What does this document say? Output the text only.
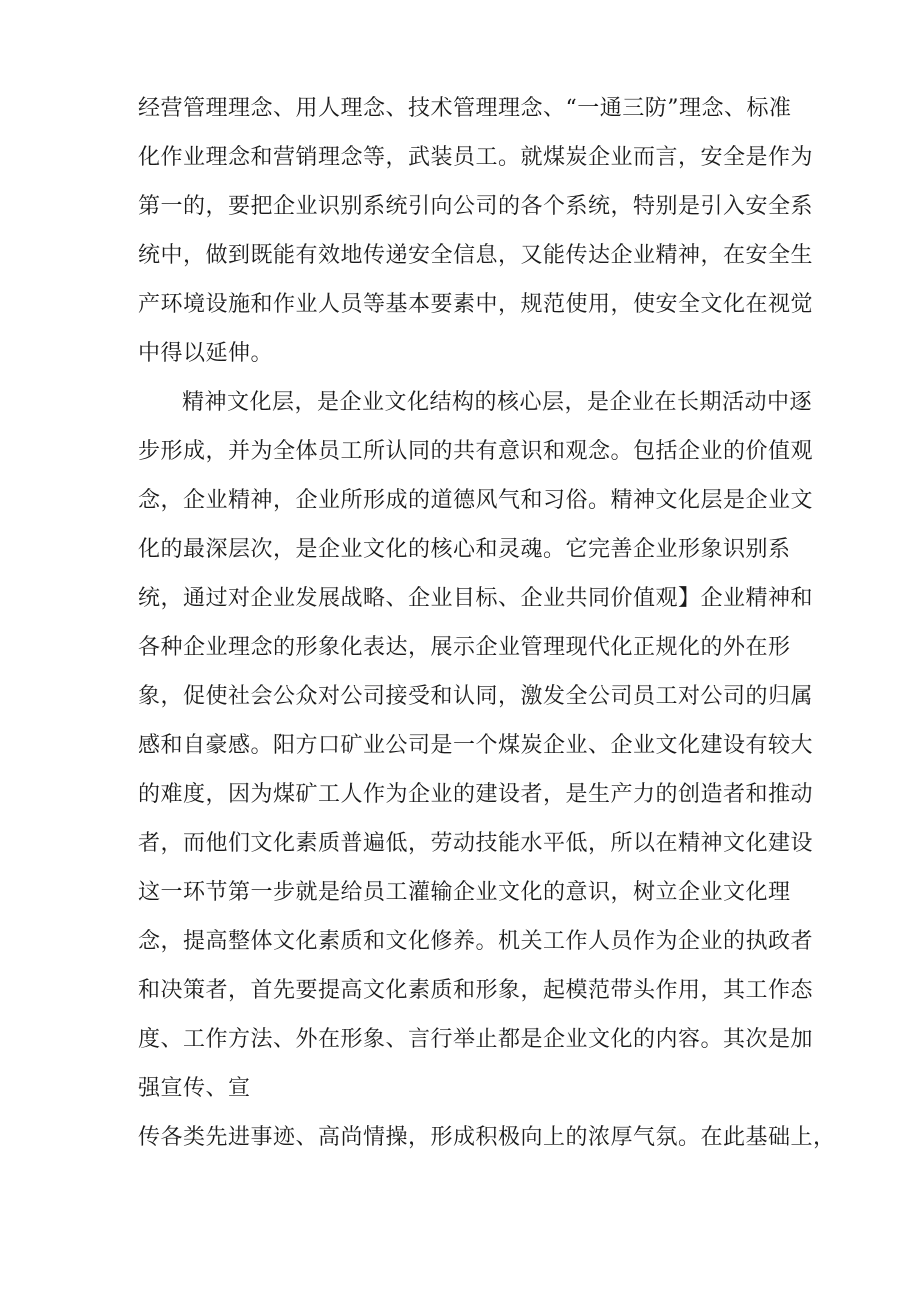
经营管理理念、用人理念、技术管理理念、“一通三防”理念、标准
化作业理念和营销理念等，武装员工。就煤炭企业而言，安全是作为
第一的，要把企业识别系统引向公司的各个系统，特别是引入安全系
统中，做到既能有效地传递安全信息，又能传达企业精神，在安全生
产环境设施和作业人员等基本要素中，规范使用，使安全文化在视觉
中得以延伸。
精神文化层，是企业文化结构的核心层，是企业在长期活动中逐
步形成，并为全体员工所认同的共有意识和观念。包括企业的价值观
念，企业精神，企业所形成的道德风气和习俗。精神文化层是企业文
化的最深层次，是企业文化的核心和灵魂。它完善企业形象识别系
统，通过对企业发展战略、企业目标、企业共同价值观】企业精神和
各种企业理念的形象化表达，展示企业管理现代化正规化的外在形
象，促使社会公众对公司接受和认同，激发全公司员工对公司的归属
感和自豪感。阳方口矿业公司是一个煤炭企业、企业文化建设有较大
的难度，因为煤矿工人作为企业的建设者，是生产力的创造者和推动
者，而他们文化素质普遍低，劳动技能水平低，所以在精神文化建设
这一环节第一步就是给员工灌输企业文化的意识，树立企业文化理
念，提高整体文化素质和文化修养。机关工作人员作为企业的执政者
和决策者，首先要提高文化素质和形象，起模范带头作用，其工作态
度、工作方法、外在形象、言行举止都是企业文化的内容。其次是加
强宣传、宣
传各类先进事迹、高尚情操，形成积极向上的浓厚气氛。在此基础上，
